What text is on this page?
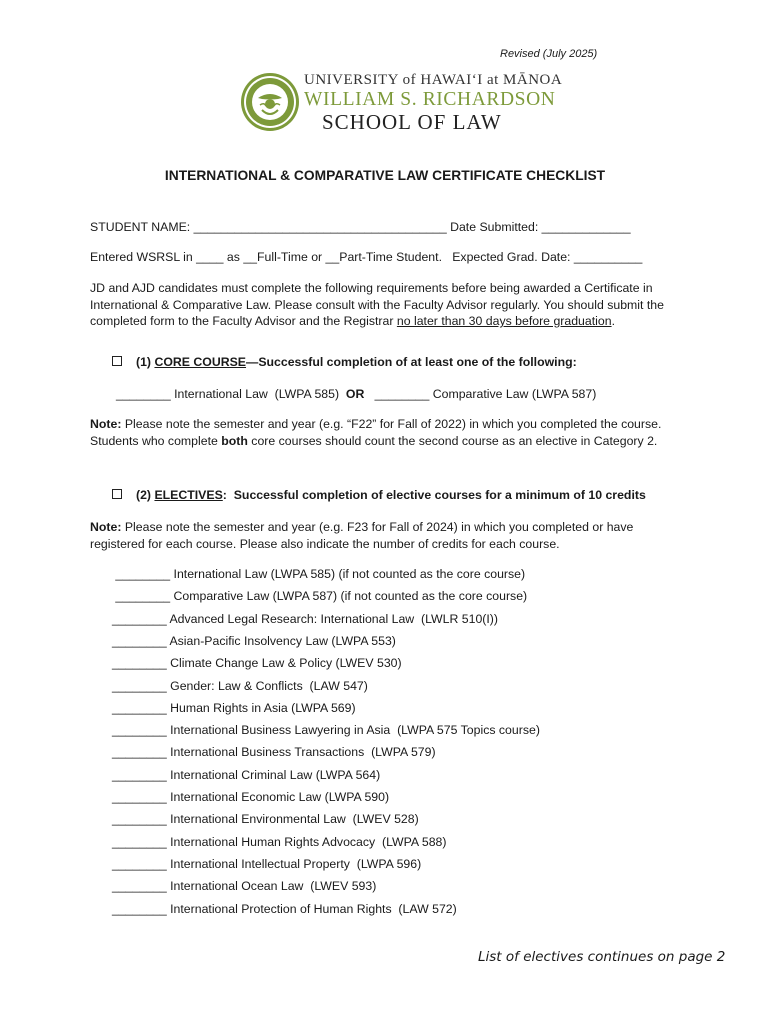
Revised (July 2025)
UNIVERSITY of HAWAIʻI at MĀNOA
WILLIAM S. RICHARDSON
SCHOOL OF LAW
INTERNATIONAL & COMPARATIVE LAW CERTIFICATE CHECKLIST
STUDENT NAME: _____________________________________ Date Submitted: _____________
Entered WSRSL in ____ as __Full-Time or __Part-Time Student.   Expected Grad. Date: __________
JD and AJD candidates must complete the following requirements before being awarded a Certificate in International & Comparative Law. Please consult with the Faculty Advisor regularly. You should submit the completed form to the Faculty Advisor and the Registrar no later than 30 days before graduation.
(1) CORE COURSE—Successful completion of at least one of the following:
________ International Law  (LWPA 585)  OR   ________ Comparative Law (LWPA 587)
Note: Please note the semester and year (e.g. “F22” for Fall of 2022) in which you completed the course. Students who complete both core courses should count the second course as an elective in Category 2.
(2) ELECTIVES:  Successful completion of elective courses for a minimum of 10 credits
Note: Please note the semester and year (e.g. F23 for Fall of 2024) in which you completed or have registered for each course. Please also indicate the number of credits for each course.
________ International Law (LWPA 585) (if not counted as the core course)
________ Comparative Law (LWPA 587) (if not counted as the core course)
________ Advanced Legal Research: International Law  (LWLR 510(I))
________ Asian-Pacific Insolvency Law (LWPA 553)
________ Climate Change Law & Policy (LWEV 530)
________ Gender: Law & Conflicts  (LAW 547)
________ Human Rights in Asia (LWPA 569)
________ International Business Lawyering in Asia  (LWPA 575 Topics course)
________ International Business Transactions  (LWPA 579)
________ International Criminal Law (LWPA 564)
________ International Economic Law (LWPA 590)
________ International Environmental Law  (LWEV 528)
________ International Human Rights Advocacy  (LWPA 588)
________ International Intellectual Property  (LWPA 596)
________ International Ocean Law  (LWEV 593)
________ International Protection of Human Rights  (LAW 572)
List of electives continues on page 2
